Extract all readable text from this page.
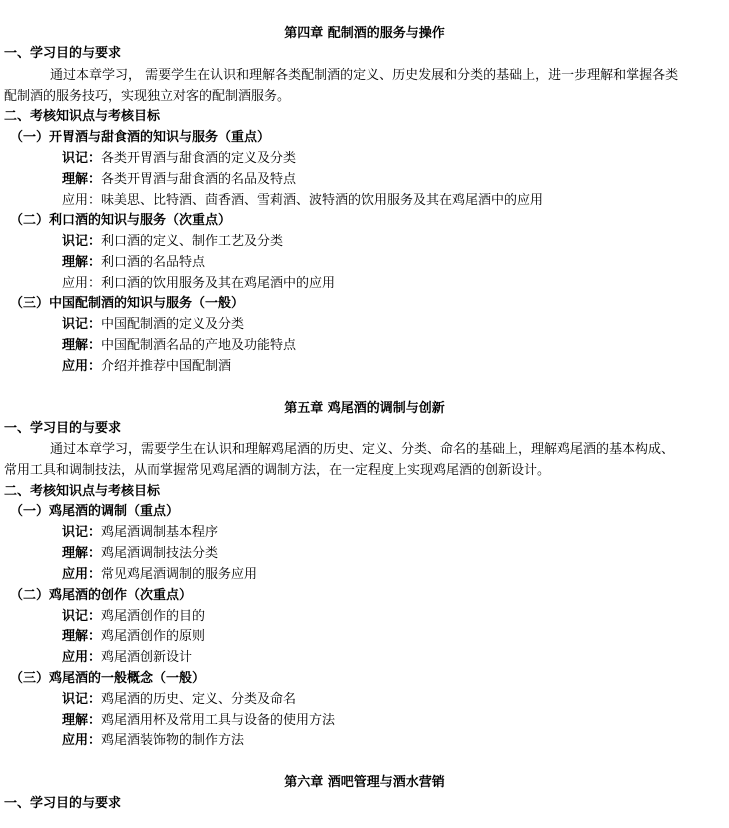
第四章 配制酒的服务与操作
一、学习目的与要求
通过本章学习， 需要学生在认识和理解各类配制酒的定义、历史发展和分类的基础上，进一步理解和掌握各类
配制酒的服务技巧，实现独立对客的配制酒服务。
二、考核知识点与考核目标
（一）开胃酒与甜食酒的知识与服务（重点）
识记：各类开胃酒与甜食酒的定义及分类
理解：各类开胃酒与甜食酒的名品及特点
应用：味美思、比特酒、茴香酒、雪莉酒、波特酒的饮用服务及其在鸡尾酒中的应用
（二）利口酒的知识与服务（次重点）
识记：利口酒的定义、制作工艺及分类
理解：利口酒的名品特点
应用：利口酒的饮用服务及其在鸡尾酒中的应用
（三）中国配制酒的知识与服务（一般）
识记：中国配制酒的定义及分类
理解：中国配制酒名品的产地及功能特点
应用：介绍并推荐中国配制酒
第五章 鸡尾酒的调制与创新
一、学习目的与要求
通过本章学习，需要学生在认识和理解鸡尾酒的历史、定义、分类、命名的基础上，理解鸡尾酒的基本构成、
常用工具和调制技法，从而掌握常见鸡尾酒的调制方法，在一定程度上实现鸡尾酒的创新设计。
二、考核知识点与考核目标
（一）鸡尾酒的调制（重点）
识记：鸡尾酒调制基本程序
理解：鸡尾酒调制技法分类
应用：常见鸡尾酒调制的服务应用
（二）鸡尾酒的创作（次重点）
识记：鸡尾酒创作的目的
理解：鸡尾酒创作的原则
应用：鸡尾酒创新设计
（三）鸡尾酒的一般概念（一般）
识记：鸡尾酒的历史、定义、分类及命名
理解：鸡尾酒用杯及常用工具与设备的使用方法
应用：鸡尾酒装饰物的制作方法
第六章 酒吧管理与酒水营销
一、学习目的与要求
